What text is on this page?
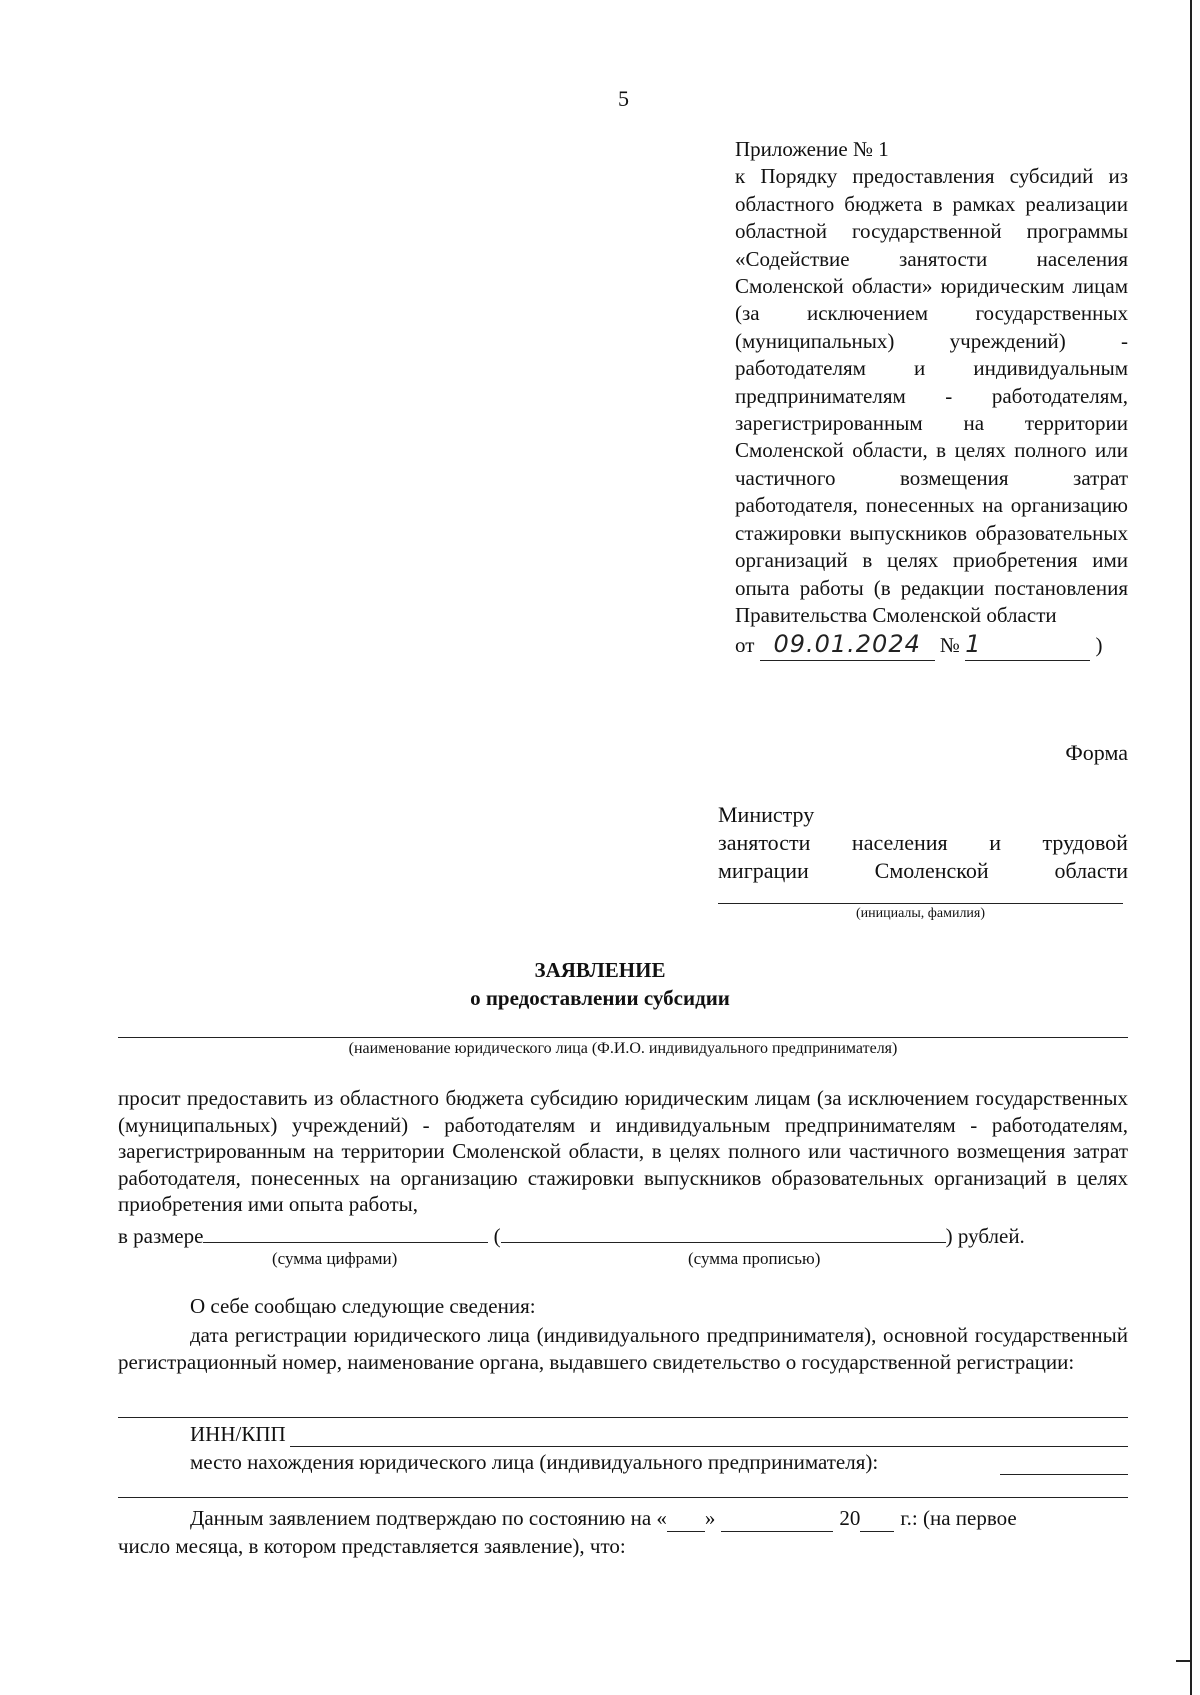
5
Приложение № 1
к Порядку предоставления субсидий из областного бюджета в рамках реализации областной государственной программы «Содействие занятости населения Смоленской области» юридическим лицам (за исключением государственных (муниципальных) учреждений) - работодателям и индивидуальным предпринимателям - работодателям, зарегистрированным на территории Смоленской области, в целях полного или частичного возмещения затрат работодателя, понесенных на организацию стажировки выпускников образовательных организаций в целях приобретения ими опыта работы (в редакции постановления
Правительства Смоленской области
от 09.01.2024 № 1	)
Форма
Министру
занятости населения и трудовой
миграции	Смоленской	области
(инициалы, фамилия)
ЗАЯВЛЕНИЕ
о предоставлении субсидии
(наименование юридического лица (Ф.И.О. индивидуального предпринимателя)
просит предоставить из областного бюджета субсидию юридическим лицам (за исключением государственных (муниципальных) учреждений) - работодателям и индивидуальным предпринимателям - работодателям, зарегистрированным на территории Смоленской области, в целях полного или частичного возмещения затрат работодателя, понесенных на организацию стажировки выпускников образовательных организаций в целях приобретения ими опыта работы,
в размере	(	) рублей.
(сумма цифрами)	(сумма прописью)
О себе сообщаю следующие сведения:
дата регистрации юридического лица (индивидуального предпринимателя), основной государственный регистрационный номер, наименование органа, выдавшего свидетельство о государственной регистрации:
ИНН/КПП
место нахождения юридического лица (индивидуального предпринимателя):
Данным заявлением подтверждаю по состоянию на « »	20 г.: (на первое
число месяца, в котором представляется заявление), что:
